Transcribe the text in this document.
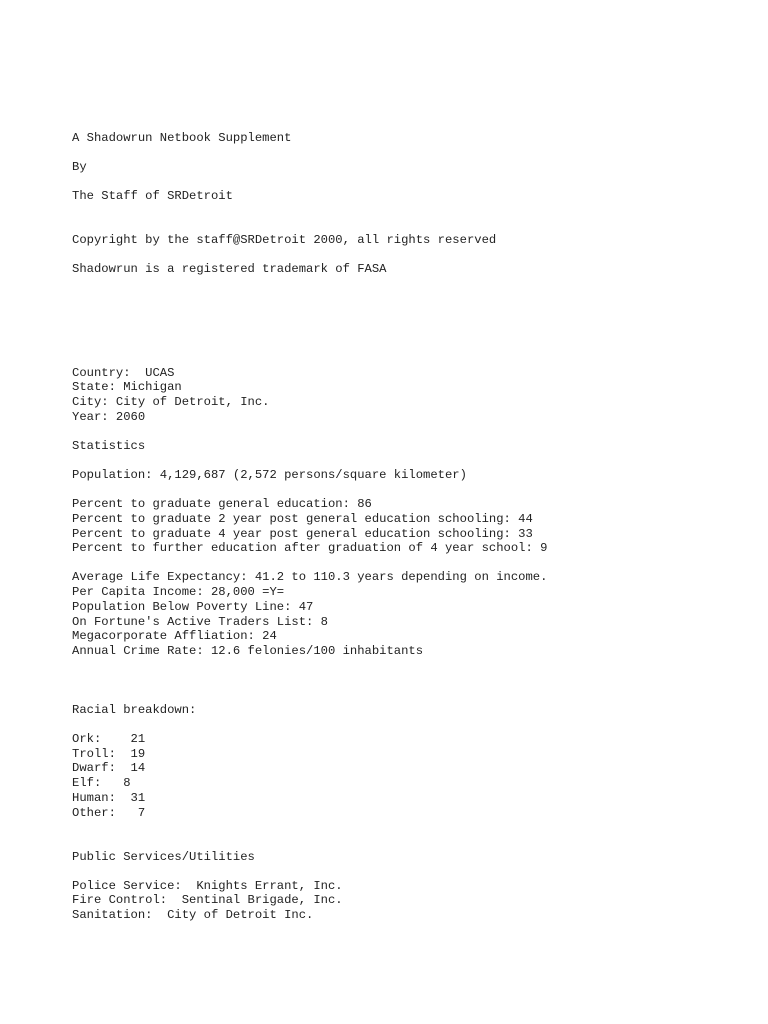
A Shadowrun Netbook Supplement

By

The Staff of SRDetroit

Copyright by the staff@SRDetroit 2000, all rights reserved

Shadowrun is a registered trademark of FASA

Country:  UCAS

State: Michigan

City: City of Detroit, Inc.

Year: 2060

Statistics

Population: 4,129,687 (2,572 persons/square kilometer)

Percent to graduate general education: 86

Percent to graduate 2 year post general education schooling: 44

Percent to graduate 4 year post general education schooling: 33

Percent to further education after graduation of 4 year school: 9

Average Life Expectancy: 41.2 to 110.3 years depending on income.

Per Capita Income: 28,000 =Y=

Population Below Poverty Line: 47

On Fortune's Active Traders List: 8

Megacorporate Affliation: 24

Annual Crime Rate: 12.6 felonies/100 inhabitants

Racial breakdown:

Ork:    21

Troll:  19

Dwarf:  14

Elf:   8

Human:  31

Other:   7

Public Services/Utilities

Police Service:  Knights Errant, Inc.

Fire Control:  Sentinal Brigade, Inc.

Sanitation:  City of Detroit Inc.
